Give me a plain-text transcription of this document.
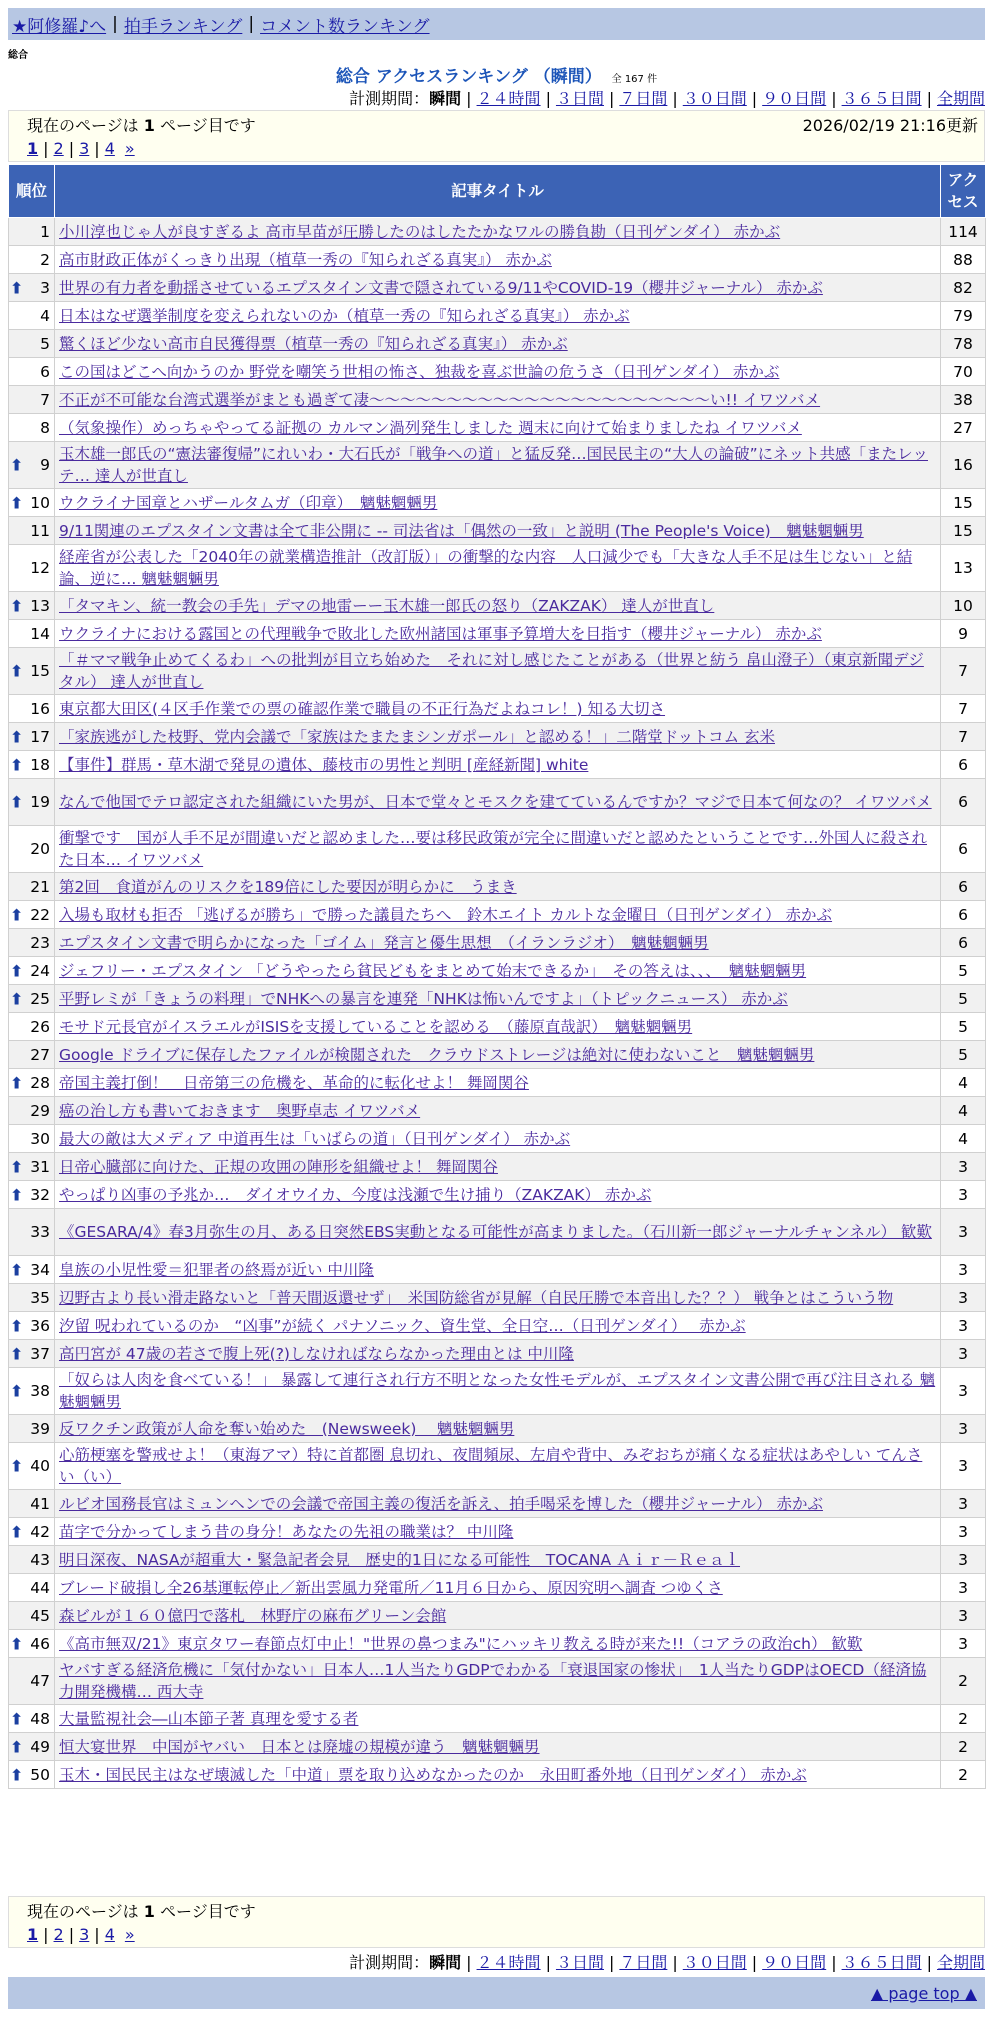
★阿修羅♪へ | 拍手ランキング | コメント数ランキング
総合
総合 アクセスランキング （瞬間） 全 167 件
計測期間：瞬間 | ２４時間 | ３日間 | ７日間 | ３０日間 | ９０日間 | ３６５日間 | 全期間
現在のページは 1 ページ目です	2026/02/19 21:16更新
1 | 2 | 3 | 4 »
順位	記事タイトル	アクセス
1	小川淳也じゃ人が良すぎるよ 高市早苗が圧勝したのはしたたかなワルの勝負勘（日刊ゲンダイ） 赤かぶ	114
2	高市財政正体がくっきり出現（植草一秀の『知られざる真実』） 赤かぶ	88

⬆ 3	世界の有力者を動揺させているエプスタイン文書で隠されている9/11やCOVID-19（櫻井ジャーナル） 赤かぶ	82
4	日本はなぜ選挙制度を変えられないのか（植草一秀の『知られざる真実』） 赤かぶ	79
5	驚くほど少ない高市自民獲得票（植草一秀の『知られざる真実』） 赤かぶ	78
6	この国はどこへ向かうのか 野党を嘲笑う世相の怖さ、独裁を喜ぶ世論の危うさ（日刊ゲンダイ） 赤かぶ	70
7	不正が不可能な台湾式選挙がまとも過ぎて凄〜〜〜〜〜〜〜〜〜〜〜〜〜〜〜〜〜〜〜〜〜〜い!! イワツバメ	38
8	（気象操作）めっちゃやってる証拠の カルマン渦列発生しました 週末に向けて始まりましたね イワツバメ	27

⬆ 9	玉木雄一郎氏の“憲法審復帰”にれいわ・大石氏が「戦争への道」と猛反発…国民民主の“大人の論破”にネット共感「またレッテ… 達人が世直し	16

⬆ 10	ウクライナ国章とハザールタムガ（印章）　魑魅魍魎男	15
11	9/11関連のエプスタイン文書は全て非公開に -- 司法省は「偶然の一致」と説明 (The People's Voice)　魑魅魍魎男	15
12	経産省が公表した「2040年の就業構造推計（改訂版）」の衝撃的な内容　人口減少でも「大きな人手不足は生じない」と結論、逆に… 魑魅魍魎男	13

⬆ 13	「タマキン、統一教会の手先」デマの地雷ーー玉木雄一郎氏の怒り（ZAKZAK） 達人が世直し	10
14	ウクライナにおける露国との代理戦争で敗北した欧州諸国は軍事予算増大を目指す（櫻井ジャーナル） 赤かぶ	9

⬆ 15	「＃ママ戦争止めてくるわ」への批判が目立ち始めた　それに対し感じたことがある（世界と紡う 畠山澄子）（東京新聞デジタル） 達人が世直し	7
16	東京都大田区(４区手作業での票の確認作業で職員の不正行為だよねコレ！) 知る大切さ	7

⬆ 17	「家族逃がした枝野、党内会議で「家族はたまたまシンガポール」と認める！」二階堂ドットコム 玄米	7

⬆ 18	【事件】群馬・草木湖で発見の遺体、藤枝市の男性と判明 [産経新聞] white	6

⬆ 19	なんで他国でテロ認定された組織にいた男が、日本で堂々とモスクを建てているんですか？マジで日本て何なの？ イワツバメ	6
20	衝撃です　国が人手不足が間違いだと認めました…要は移民政策が完全に間違いだと認めたということです…外国人に殺された日本… イワツバメ	6
21	第2回　食道がんのリスクを189倍にした要因が明らかに　うまき	6

⬆ 22	入場も取材も拒否 「逃げるが勝ち」で勝った議員たちへ　鈴木エイト カルトな金曜日（日刊ゲンダイ） 赤かぶ	6
23	エプスタイン文書で明らかになった「ゴイム」発言と優生思想　（イランラジオ）　魑魅魍魎男	6

⬆ 24	ジェフリー・エプスタイン 「どうやったら貧民どもをまとめて始末できるか」　その答えは、、、　魑魅魍魎男	5

⬆ 25	平野レミが「きょうの料理」でNHKへの暴言を連発「NHKは怖いんですよ」（トピックニュース） 赤かぶ	5
26	モサド元長官がイスラエルがISISを支援していることを認める　（藤原直哉訳）　魑魅魍魎男	5
27	Google ドライブに保存したファイルが検閲された　クラウドストレージは絶対に使わないこと　魑魅魍魎男	5

⬆ 28	帝国主義打倒！　日帝第三の危機を、革命的に転化せよ！ 舞岡関谷	4
29	癌の治し方も書いておきます　奥野卓志 イワツバメ	4
30	最大の敵は大メディア 中道再生は「いばらの道」（日刊ゲンダイ） 赤かぶ	4

⬆ 31	日帝心臓部に向けた、正規の攻囲の陣形を組織せよ！ 舞岡関谷	3

⬆ 32	やっぱり凶事の予兆か…　ダイオウイカ、今度は浅瀬で生け捕り（ZAKZAK） 赤かぶ	3
33	《GESARA/4》春3月弥生の月、ある日突然EBS実動となる可能性が高まりました。（石川新一郎ジャーナルチャンネル） 歓歎	3

⬆ 34	皇族の小児性愛＝犯罪者の終焉が近い 中川隆	3
35	辺野古より長い滑走路ないと「普天間返還せず」　米国防総省が見解（自民圧勝で本音出した？？） 戦争とはこういう物	3

⬆ 36	汐留 呪われているのか　“凶事”が続く パナソニック、資生堂、全日空…（日刊ゲンダイ）　 赤かぶ	3

⬆ 37	高円宮が 47歳の若さで腹上死(?)しなければならなかった理由とは 中川隆	3

⬆ 38	「奴らは人肉を食べている！」 暴露して連行され行方不明となった女性モデルが、エプスタイン文書公開で再び注目される 魑魅魍魎男	3
39	反ワクチン政策が人命を奪い始めた　(Newsweek)　 魑魅魍魎男	3

⬆ 40	心筋梗塞を警戒せよ！（東海アマ）特に首都圏 息切れ、夜間頻尿、左肩や背中、みぞおちが痛くなる症状はあやしい てんさい（い）	3
41	ルビオ国務長官はミュンヘンでの会議で帝国主義の復活を訴え、拍手喝采を博した（櫻井ジャーナル） 赤かぶ	3

⬆ 42	苗字で分かってしまう昔の身分！あなたの先祖の職業は？ 中川隆	3
43	明日深夜、NASAが超重大・緊急記者会見　歴史的1日になる可能性　TOCANA Ａｉｒ－Ｒｅａｌ	3
44	ブレード破損し全26基運転停止／新出雲風力発電所／11月６日から、原因究明へ調査 つゆくさ	3
45	森ビルが１６０億円で落札　林野庁の麻布グリーン会館	3

⬆ 46	《高市無双/21》東京タワー春節点灯中止！"世界の鼻つまみ"にハッキリ教える時が来た!!（コアラの政治ch） 歓歎	3
47	ヤバすぎる経済危機に「気付かない」日本人…1人当たりGDPでわかる「衰退国家の惨状」　1人当たりGDPはOECD（経済協力開発機構… 西大寺	2

⬆ 48	大量監視社会―山本節子著 真理を愛する者	2

⬆ 49	恒大宴世界　中国がヤバい　日本とは廃墟の規模が違う　魑魅魍魎男	2

⬆ 50	玉木・国民民主はなぜ壊滅した「中道」票を取り込めなかったのか　永田町番外地（日刊ゲンダイ） 赤かぶ	2
現在のページは 1 ページ目です
1 | 2 | 3 | 4 »
計測期間：瞬間 | ２４時間 | ３日間 | ７日間 | ３０日間 | ９０日間 | ３６５日間 | 全期間
▲ page top ▲
